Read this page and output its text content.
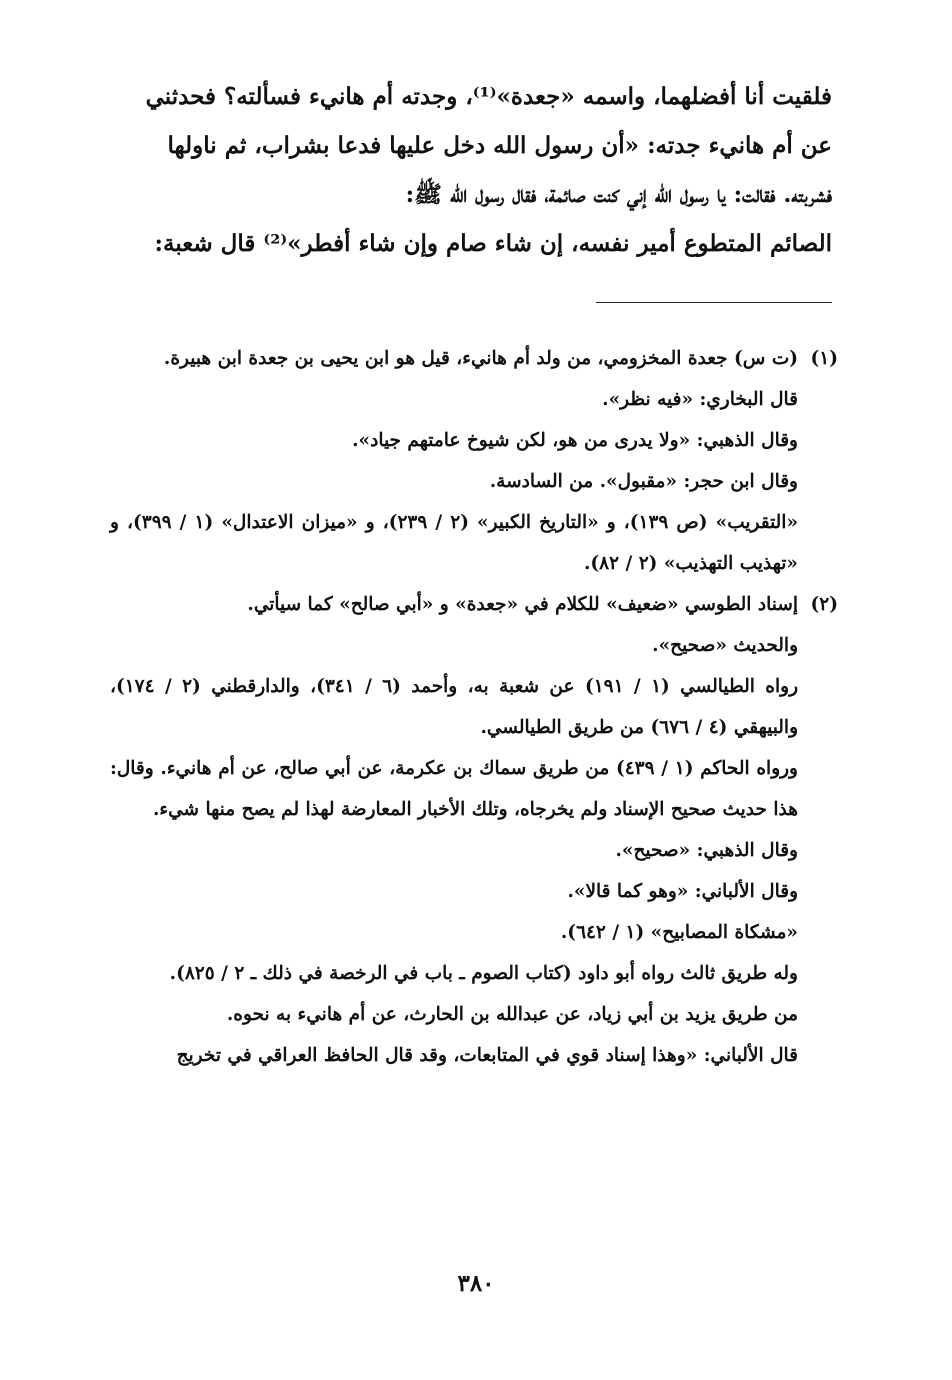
فلقيت أنا أفضلهما، واسمه «جعدة»⁽¹⁾، وجدته أم هانيء فسألته؟ فحدثني

عن أم هانيء جدته: «أن رسول الله دخل عليها فدعا بشراب، ثم ناولها

فشربته. فقالت: يا رسول الله إني كنت صائمة، فقال رسول الله ﷺ:

الصائم المتطوع أمير نفسه، إن شاء صام وإن شاء أفطر»⁽²⁾ قال شعبة:

(١)

(ت س) جعدة المخزومي، من ولد أم هانيء، قيل هو ابن يحيى بن جعدة ابن هبيرة.

قال البخاري: «فيه نظر».

وقال الذهبي: «ولا يدرى من هو، لكن شيوخ عامتهم جياد».

وقال ابن حجر: «مقبول». من السادسة.

«التقريب» (ص ١٣٩)، و «التاريخ الكبير» (٢ / ٢٣٩)، و «ميزان الاعتدال» (١ / ٣٩٩)، و «تهذيب التهذيب» (٢ / ٨٢).

(٢)

إسناد الطوسي «ضعيف» للكلام في «جعدة» و «أبي صالح» كما سيأتي.

والحديث «صحيح».

رواه الطيالسي (١ / ١٩١) عن شعبة به، وأحمد (٦ / ٣٤١)، والدارقطني (٢ / ١٧٤)، والبيهقي (٤ / ٦٧٦) من طريق الطيالسي.

ورواه الحاكم (١ / ٤٣٩) من طريق سماك بن عكرمة، عن أبي صالح، عن أم هانيء. وقال: هذا حديث صحيح الإسناد ولم يخرجاه، وتلك الأخبار المعارضة لهذا لم يصح منها شيء.

وقال الذهبي: «صحيح».

وقال الألباني: «وهو كما قالا».

«مشكاة المصابيح» (١ / ٦٤٢).

وله طريق ثالث رواه أبو داود (كتاب الصوم ـ باب في الرخصة في ذلك ـ ٢ / ٨٢٥).

من طريق يزيد بن أبي زياد، عن عبدالله بن الحارث، عن أم هانيء به نحوه.

قال الألباني: «وهذا إسناد قوي في المتابعات، وقد قال الحافظ العراقي في تخريج

٣٨٠
